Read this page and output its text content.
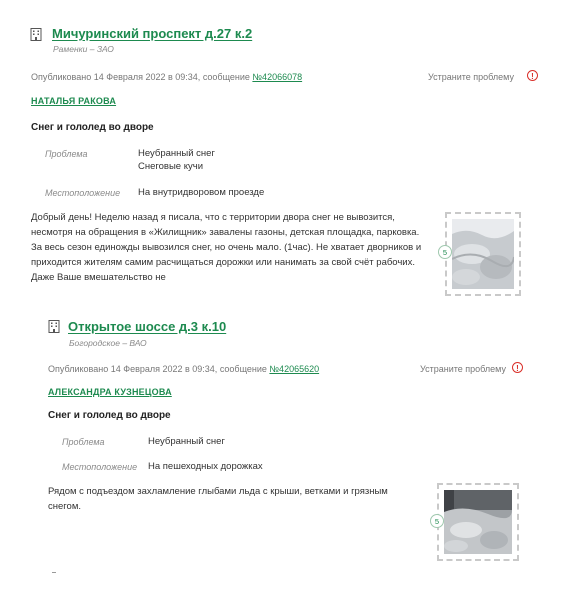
Мичуринский проспект д.27 к.2
Раменки – ЗАО
Опубликовано 14 Февраля 2022 в 09:34, сообщение №42066078	Устраните проблему	!
НАТАЛЬЯ РАКОВА
Снег и гололед во дворе
Проблема	Неубранный снег
Снеговые кучи
Местоположение На внутридворовом проезде
Добрый день! Неделю назад я писала, что с территории двора снег не вывозится, несмотря на обращения в «Жилищник» завалены газоны, детская площадка, парковка. За весь сезон единожды вывозился снег, но очень мало. (1час). Не хватает дворников и приходится жителям самим расчищаться дорожки или нанимать за свой счёт рабочих. Даже Ваше вмешательство не
5
Открытое шоссе д.3 к.10
Богородское – ВАО
Опубликовано 14 Февраля 2022 в 09:34, сообщение №42065620	Устраните проблему	!
АЛЕКСАНДРА КУЗНЕЦОВА
Снег и гололед во дворе
Проблема	Неубранный снег
Местоположение На пешеходных дорожках
Рядом с подъездом захламление глыбами льда с крыши, ветками и грязным снегом.
5
